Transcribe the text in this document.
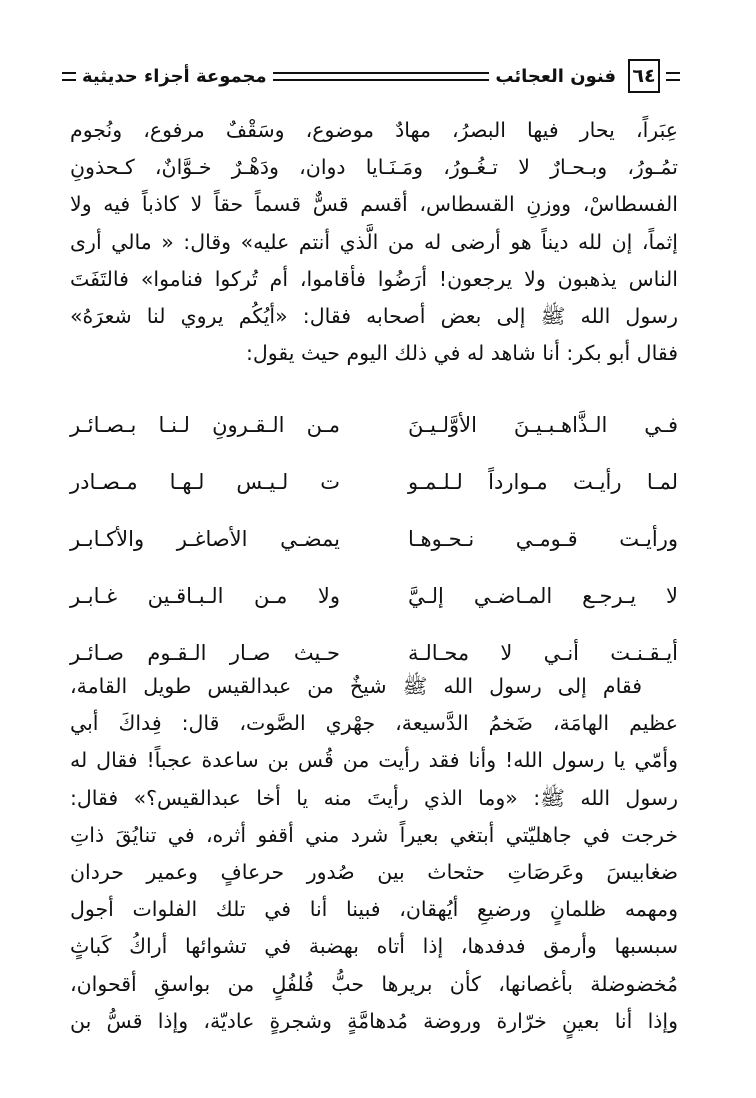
٦٤
فنون العجائب
مجموعة أجزاء حديثية
عِبَراً، يحار فيها البصرُ، مهادٌ موضوع، وسَقْفٌ مرفوع، ونُجوم
تمُـورُ، وبـحـارٌ لا تـغُـورُ، ومَـنَـايا دوان، ودَهْـرٌ خـوَّانٌ، كـحذونِ
الفسطاسْ، ووزنِ القسطاس، أقسم قسٌّ قسماً حقاً لا كاذباً فيه ولا
إثماً، إن لله ديناً هو أرضى له من الَّذي أنتم عليه» وقال: « مالي أرى
الناس يذهبون ولا يرجعون! أرَضُوا فأقاموا، أم تُركوا فناموا» فالتَفَتَ
رسول الله ﷺ إلى بعض أصحابه فقال: «أيُكُم يروي لنا شعرَهُ»
فقال أبو بكر: أنا شاهد له في ذلك اليوم حيث يقول:
فـي الـذَّاهـبـيـنَ الأوَّلـيـنَ
مـن الـقـرونِ لـنـا بـصـائـر
لمـا رأيـت مـوارداً لـلـمـو
ت لـيـس لـهـا مـصـادر
ورأيـت قـومـي نـحـوهـا
يمضـي الأصاغـر والأكـابـر
لا يـرجـع المـاضـي إلـيَّ
ولا مـن الـبـاقـين غـابـر
أيـقـنـت أنـي لا محـالـة
حـيث صـار الـقـوم صـائـر
فقام إلى رسول الله ﷺ شيخٌ من عبدالقيس طويل القامة،
عظيم الهامَة، ضَخمُ الدَّسيعة، جهْري الصَّوت، قال: فِداكَ أبي
وأمّي يا رسول الله! وأنا فقد رأيت من قُس بن ساعدة عجباً! فقال له
رسول الله ﷺ: «وما الذي رأيتَ منه يا أخا عبدالقيس؟» فقال:
خرجت في جاهليّتي أبتغي بعيراً شرد مني أقفو أثره، في تنايُقَ ذاتِ
ضغابيسَ وعَرصَاتِ حثحاث بين صُدور حرعافٍ وعمير حردان
ومهمه ظلمانٍ ورضيعِ أيُهقان، فبينا أنا في تلك الفلوات أجول
سبسبها وأرمق فدفدها، إذا أتاه بهضبة في تشوائها أراكُ كَباثٍ
مُخضوضلة بأغصانها، كأن بريرها حبُّ فُلفُلٍ من بواسقِ أقحوان،
وإذا أنا بعينٍ خرّارة وروضة مُدهامَّةٍ وشجرةٍ عاديّة، وإذا قسُّ بن
